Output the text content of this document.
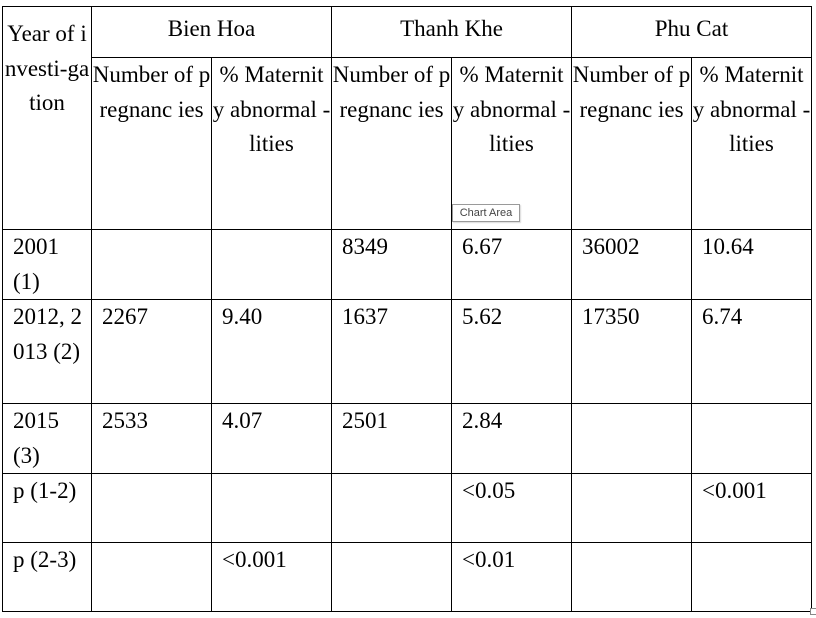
Year of investi-gation	Bien Hoa		Thanh Khe		Phu Cat	

	Number of pregnanc ies	% Maternit y abnormal -lities	Number of pregnanc ies	% Maternit y abnormal -lities	Number of pregnanc ies	% Maternit y abnormal -lities
2001 (1)			8349	6.67	36002	10.64
2012, 2013 (2)	2267	9.40	1637	5.62	17350	6.74
2015 (3)	2533	4.07	2501	2.84		
p (1-2)				<0.05		<0.001
p (2-3)		<0.001		<0.01		
Chart Area
